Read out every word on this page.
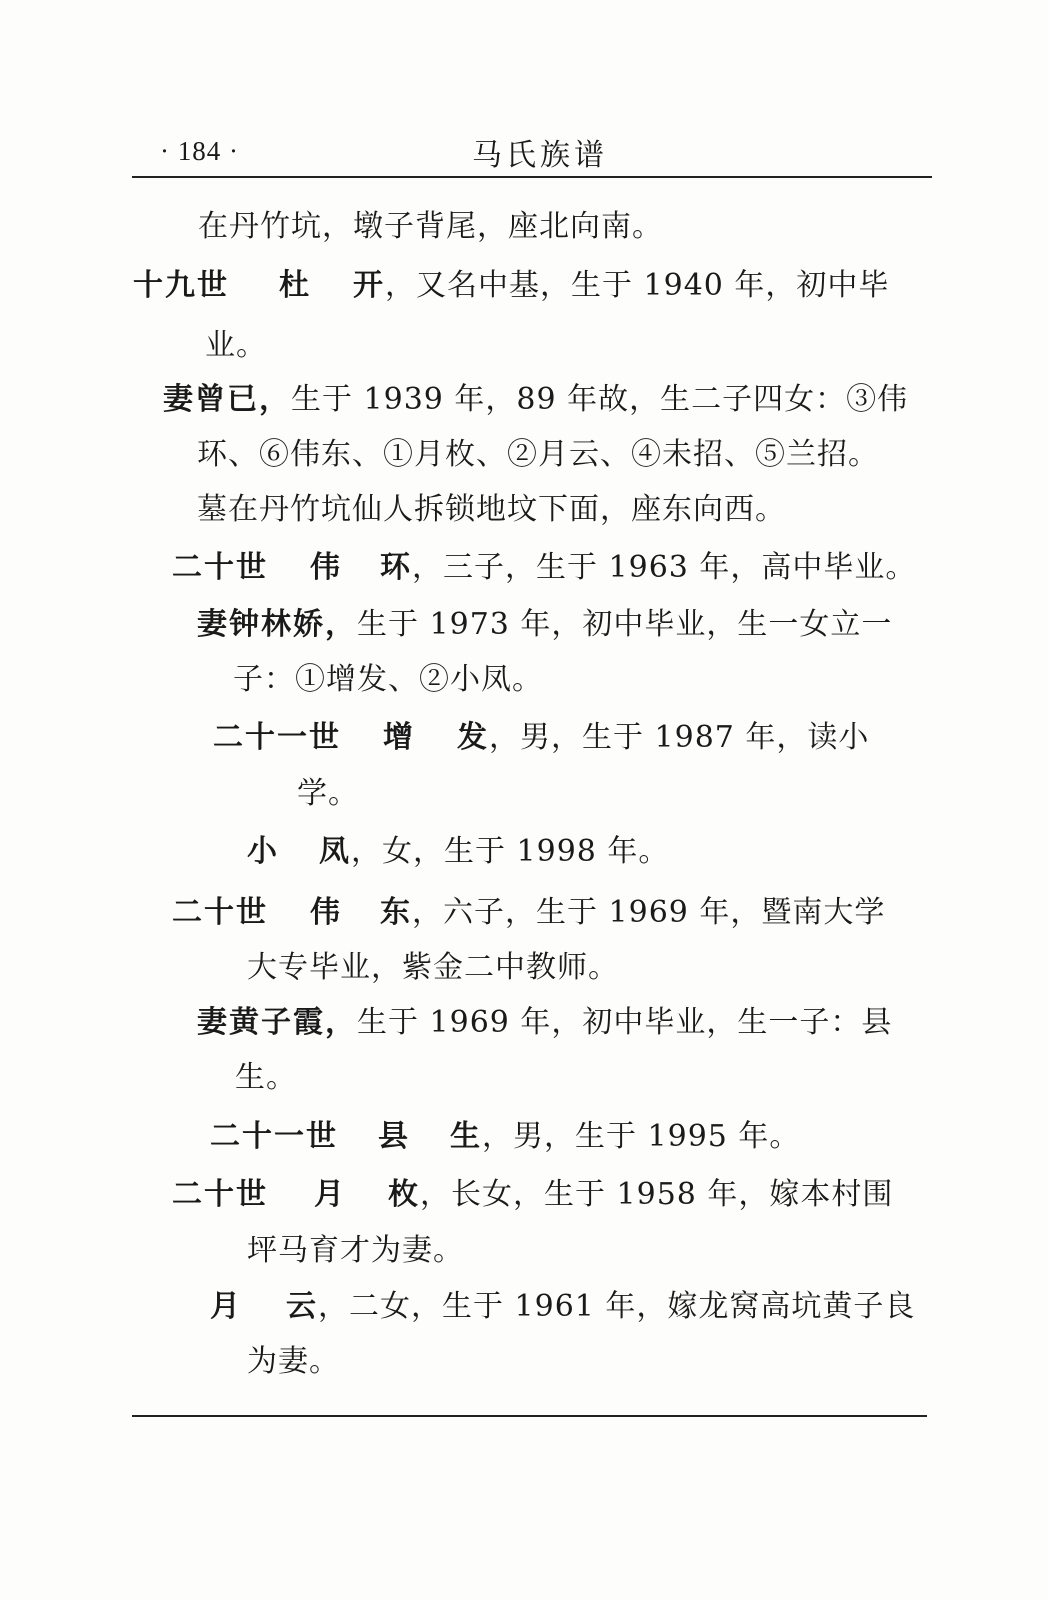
· 184 ·	马氏族谱
在丹竹坑，墩子背尾，座北向南。
十九世 杜 开，又名中基，生于 1940 年，初中毕
业。
妻曾已，生于 1939 年，89 年故，生二子四女：③伟
环、⑥伟东、①月枚、②月云、④未招、⑤兰招。
墓在丹竹坑仙人拆锁地坟下面，座东向西。
二十世 伟 环，三子，生于 1963 年，高中毕业。
妻钟林娇，生于 1973 年，初中毕业，生一女立一
子：①增发、②小凤。
二十一世 增 发，男，生于 1987 年，读小
学。
小 凤，女，生于 1998 年。
二十世 伟 东，六子，生于 1969 年，暨南大学
大专毕业，紫金二中教师。
妻黄子霞，生于 1969 年，初中毕业，生一子：县
生。
二十一世 县 生，男，生于 1995 年。
二十世 月 枚，长女，生于 1958 年，嫁本村围
坪马育才为妻。
月 云，二女，生于 1961 年，嫁龙窝高坑黄子良
为妻。
